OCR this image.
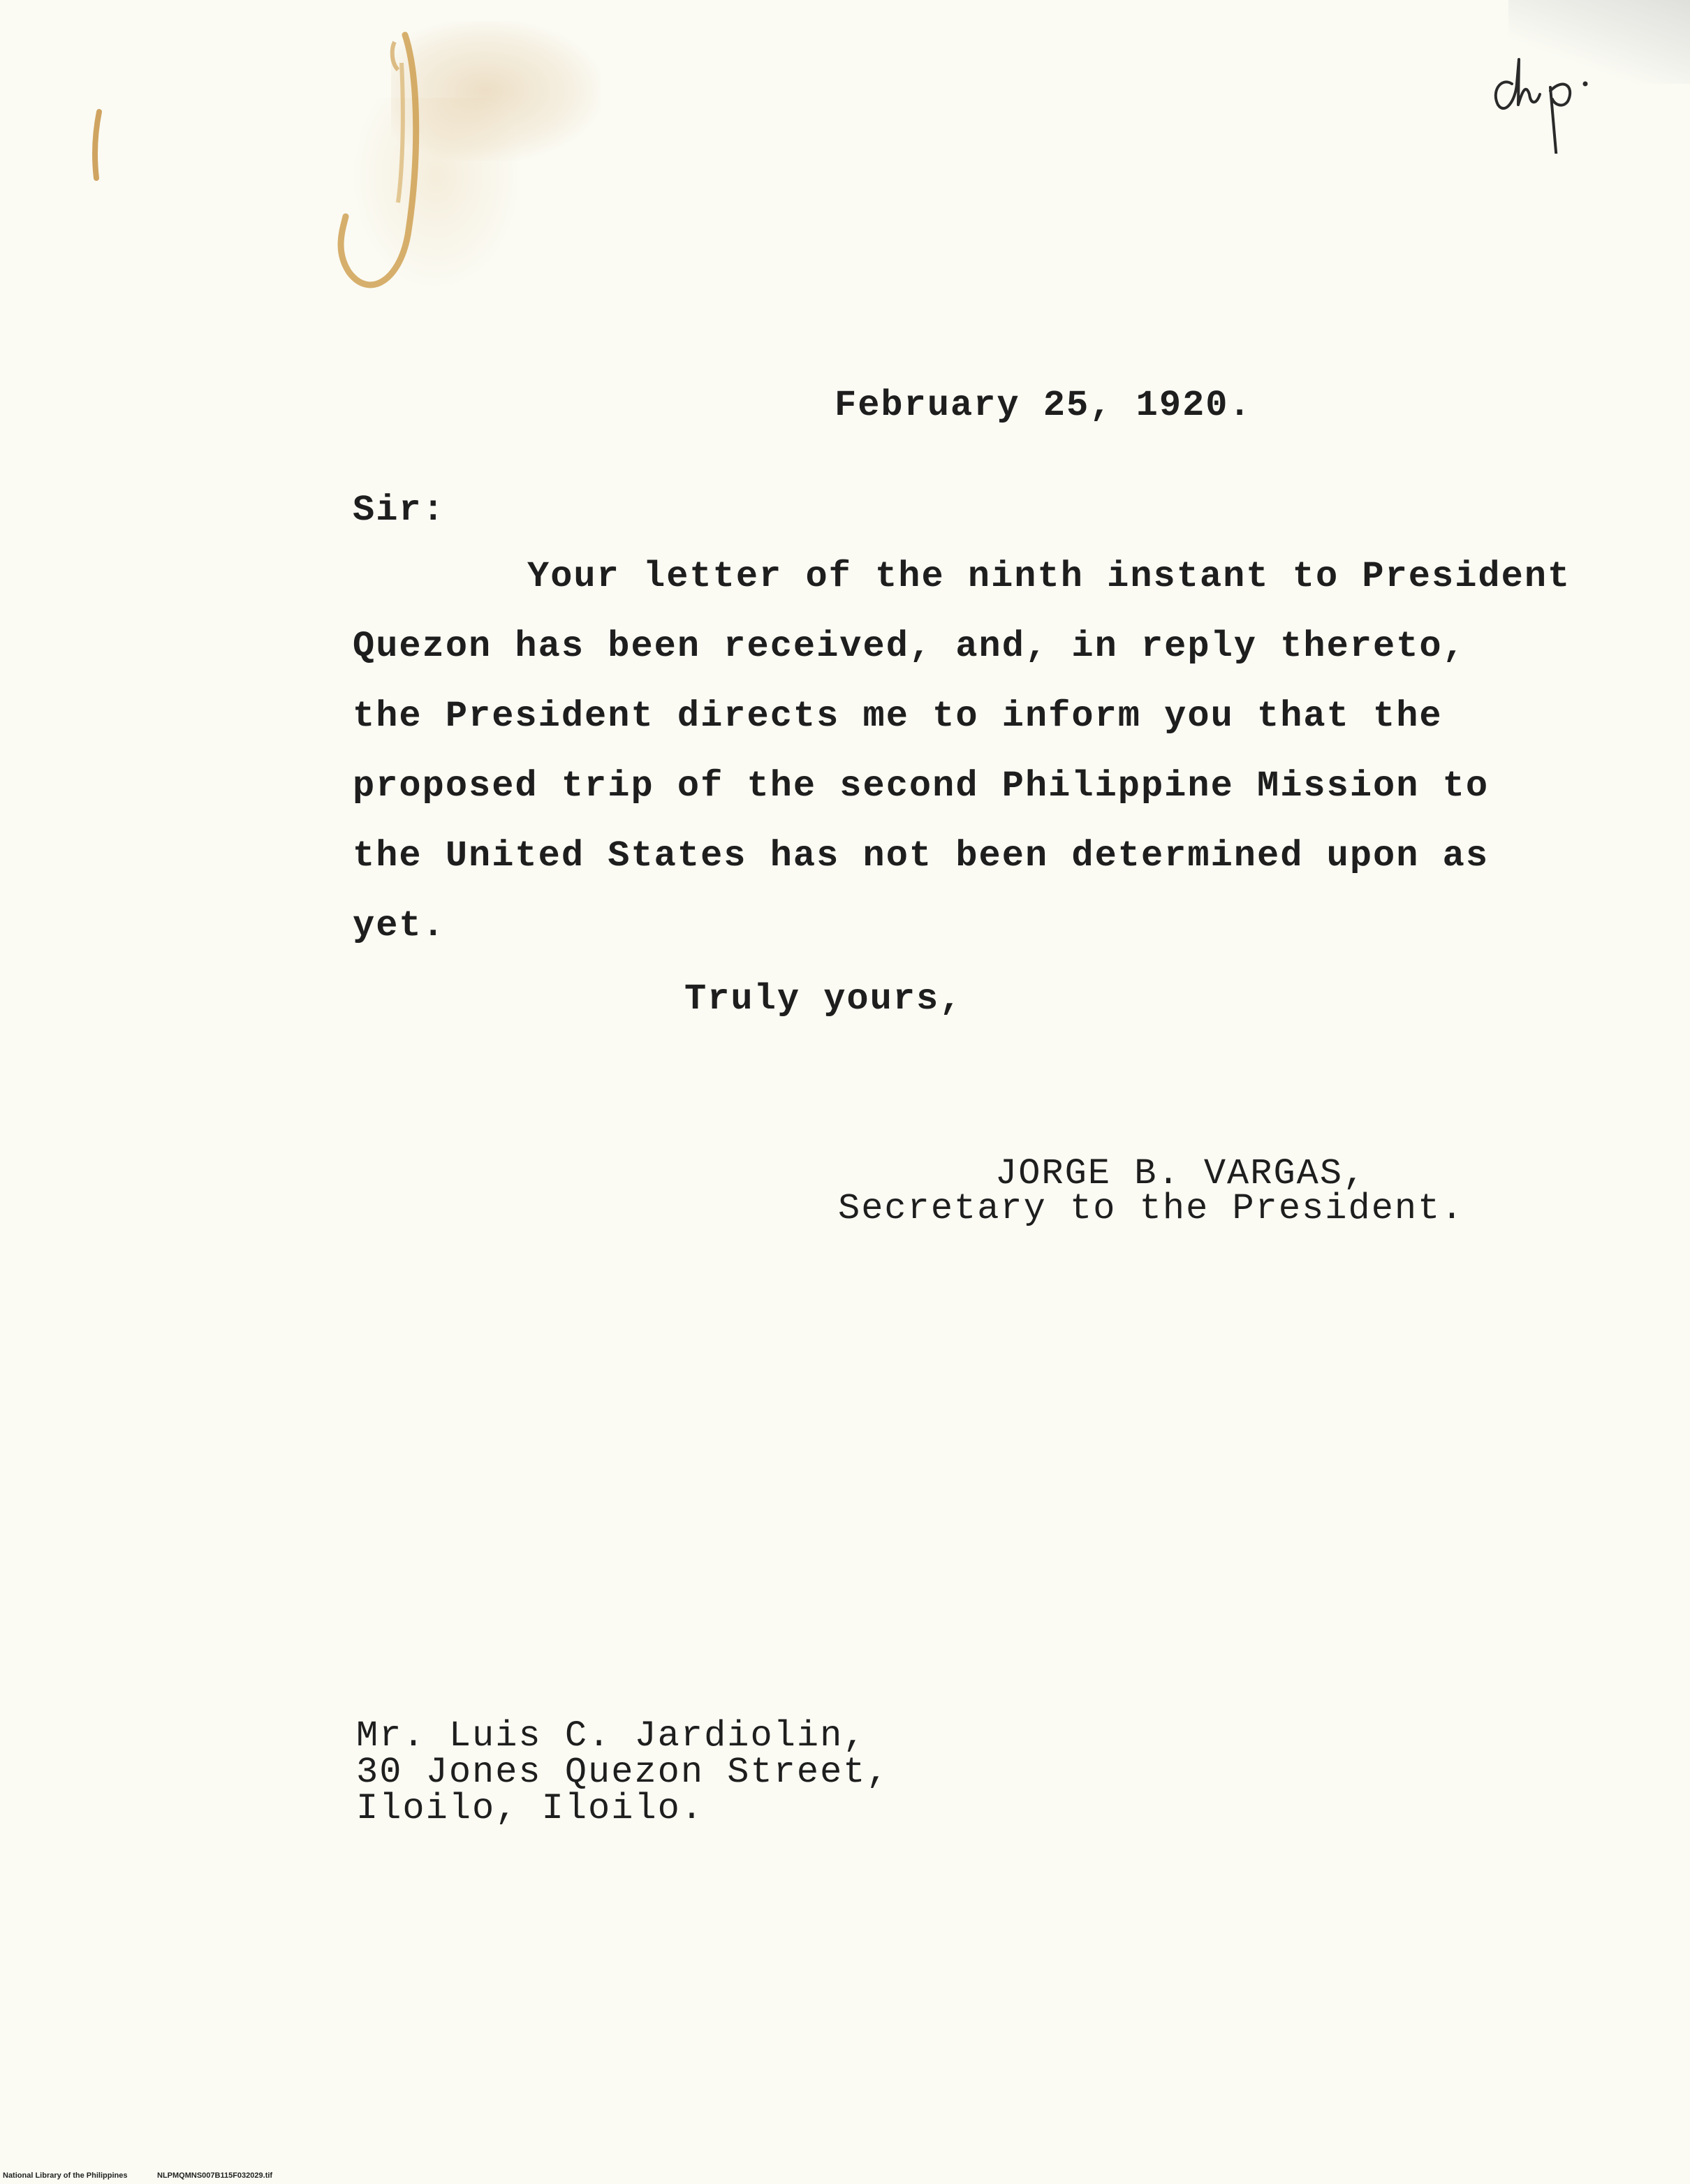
February 25, 1920.
Sir:
Your letter of the ninth instant to President
Quezon has been received, and, in reply thereto,
the President directs me to inform you that the
proposed trip of the second Philippine Mission to
the United States has not been determined upon as
yet.
Truly yours,
JORGE B. VARGAS,
Secretary to the President.
Mr. Luis C. Jardiolin,
30 Jones Quezon Street,
Iloilo, Iloilo.
National Library of the Philippines	NLPMQMNS007B115F032029.tif
